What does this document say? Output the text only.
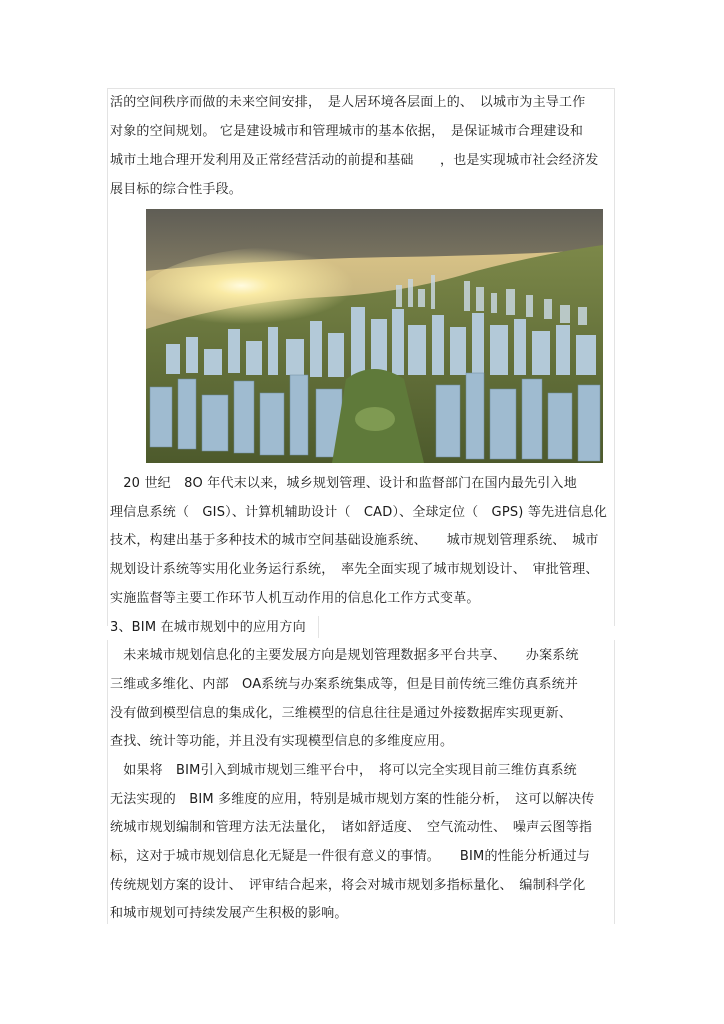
活的空间秩序而做的未来空间安排，　是人居环境各层面上的、　以城市为主导工作
对象的空间规划。 它是建设城市和管理城市的基本依据，　是保证城市合理建设和
城市土地合理开发利用及正常经营活动的前提和基础　　，也是实现城市社会经济发
展目标的综合性手段。
　20 世纪　8O 年代末以来，城乡规划管理、设计和监督部门在国内最先引入地
理信息系统（　GIS）、计算机辅助设计（　CAD）、全球定位（　GPS) 等先进信息化
技术，构建出基于多种技术的城市空间基础设施系统、　　城市规划管理系统、　城市
规划设计系统等实用化业务运行系统，　率先全面实现了城市规划设计、　审批管理、
实施监督等主要工作环节人机互动作用的信息化工作方式变革。
3、BIM 在城市规划中的应用方向
　未来城市规划信息化的主要发展方向是规划管理数据多平台共享、　　办案系统
三维或多维化、内部　OA系统与办案系统集成等，但是目前传统三维仿真系统并
没有做到模型信息的集成化，三维模型的信息往往是通过外接数据库实现更新、
查找、统计等功能，并且没有实现模型信息的多维度应用。
　如果将　BIM引入到城市规划三维平台中，　将可以完全实现目前三维仿真系统
无法实现的　BIM 多维度的应用，特别是城市规划方案的性能分析，　这可以解决传
统城市规划编制和管理方法无法量化，　诸如舒适度、　空气流动性、　噪声云图等指
标，这对于城市规划信息化无疑是一件很有意义的事情。　　BIM的性能分析通过与
传统规划方案的设计、　评审结合起来，将会对城市规划多指标量化、　编制科学化
和城市规划可持续发展产生积极的影响。
